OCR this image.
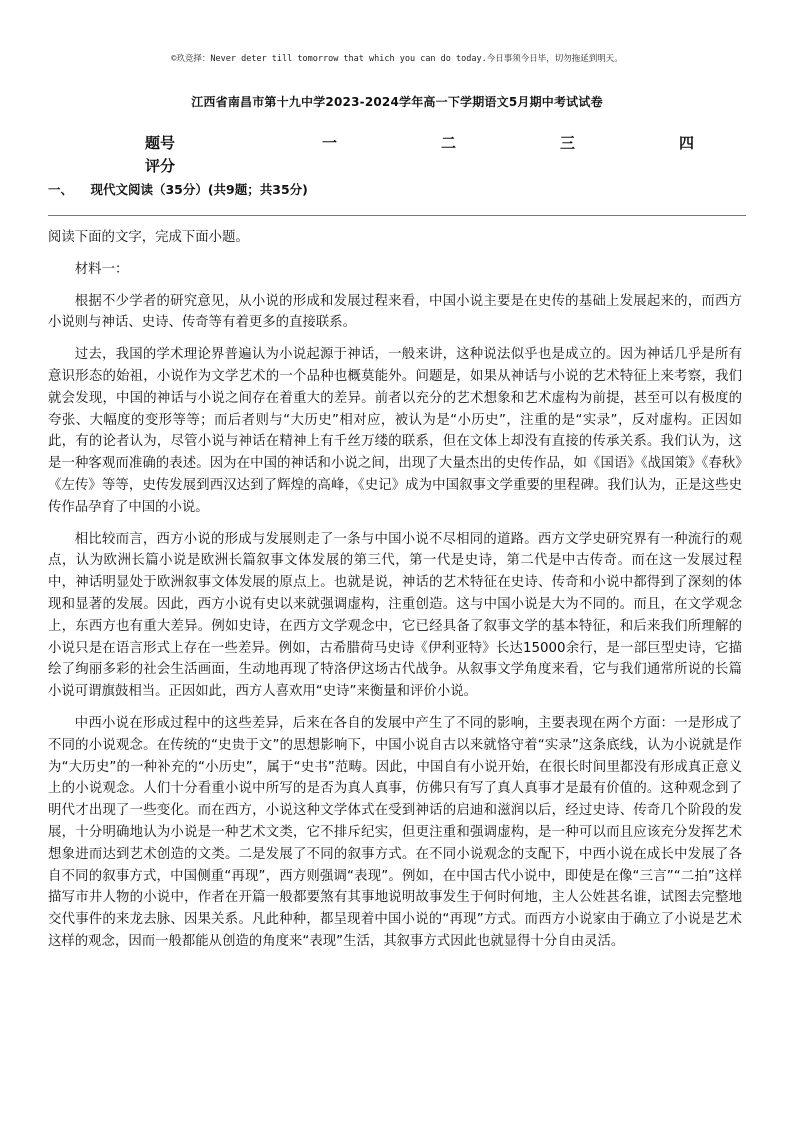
©玖竞择：Never deter till tomorrow that which you can do today.今日事须今日毕，切勿拖延到明天。
江西省南昌市第十九中学2023-2024学年高一下学期语文5月期中考试试卷
题号	一	二	三	四
评分
一、 现代文阅读（35分）(共9题；共35分)

阅读下面的文字，完成下面小题。

材料一：

根据不少学者的研究意见，从小说的形成和发展过程来看，中国小说主要是在史传的基础上发展起来的，而西方小说则与神话、史诗、传奇等有着更多的直接联系。

过去，我国的学术理论界普遍认为小说起源于神话，一般来讲，这种说法似乎也是成立的。因为神话几乎是所有意识形态的始祖，小说作为文学艺术的一个品种也概莫能外。问题是，如果从神话与小说的艺术特征上来考察，我们就会发现，中国的神话与小说之间存在着重大的差异。前者以充分的艺术想象和艺术虚构为前提，甚至可以有极度的夸张、大幅度的变形等等；而后者则与“大历史”相对应，被认为是“小历史”，注重的是“实录”，反对虚构。正因如此，有的论者认为，尽管小说与神话在精神上有千丝万缕的联系，但在文体上却没有直接的传承关系。我们认为，这是一种客观而准确的表述。因为在中国的神话和小说之间，出现了大量杰出的史传作品，如《国语》《战国策》《春秋》《左传》等等，史传发展到西汉达到了辉煌的高峰，《史记》成为中国叙事文学重要的里程碑。我们认为，正是这些史传作品孕育了中国的小说。

相比较而言，西方小说的形成与发展则走了一条与中国小说不尽相同的道路。西方文学史研究界有一种流行的观点，认为欧洲长篇小说是欧洲长篇叙事文体发展的第三代，第一代是史诗，第二代是中古传奇。而在这一发展过程中，神话明显处于欧洲叙事文体发展的原点上。也就是说，神话的艺术特征在史诗、传奇和小说中都得到了深刻的体现和显著的发展。因此，西方小说有史以来就强调虚构，注重创造。这与中国小说是大为不同的。而且，在文学观念上，东西方也有重大差异。例如史诗，在西方文学观念中，它已经具备了叙事文学的基本特征，和后来我们所理解的小说只是在语言形式上存在一些差异。例如，古希腊荷马史诗《伊利亚特》长达15000余行，是一部巨型史诗，它描绘了绚丽多彩的社会生活画面，生动地再现了特洛伊这场古代战争。从叙事文学角度来看，它与我们通常所说的长篇小说可谓旗鼓相当。正因如此，西方人喜欢用“史诗”来衡量和评价小说。

中西小说在形成过程中的这些差异，后来在各自的发展中产生了不同的影响，主要表现在两个方面：一是形成了不同的小说观念。在传统的“史贵于文”的思想影响下，中国小说自古以来就恪守着“实录”这条底线，认为小说就是作为“大历史”的一种补充的“小历史”，属于“史书”范畴。因此，中国自有小说开始，在很长时间里都没有形成真正意义上的小说观念。人们十分看重小说中所写的是否为真人真事，仿佛只有写了真人真事才是最有价值的。这种观念到了明代才出现了一些变化。而在西方，小说这种文学体式在受到神话的启迪和滋润以后，经过史诗、传奇几个阶段的发展，十分明确地认为小说是一种艺术文类，它不排斥纪实，但更注重和强调虚构，是一种可以而且应该充分发挥艺术想象进而达到艺术创造的文类。二是发展了不同的叙事方式。在不同小说观念的支配下，中西小说在成长中发展了各自不同的叙事方式，中国侧重“再现”，西方则强调“表现”。例如，在中国古代小说中，即使是在像“三言”“二拍”这样描写市井人物的小说中，作者在开篇一般都要煞有其事地说明故事发生于何时何地，主人公姓甚名谁，试图去完整地交代事件的来龙去脉、因果关系。凡此种种，都呈现着中国小说的“再现”方式。而西方小说家由于确立了小说是艺术这样的观念，因而一般都能从创造的角度来“表现”生活，其叙事方式因此也就显得十分自由灵活。
